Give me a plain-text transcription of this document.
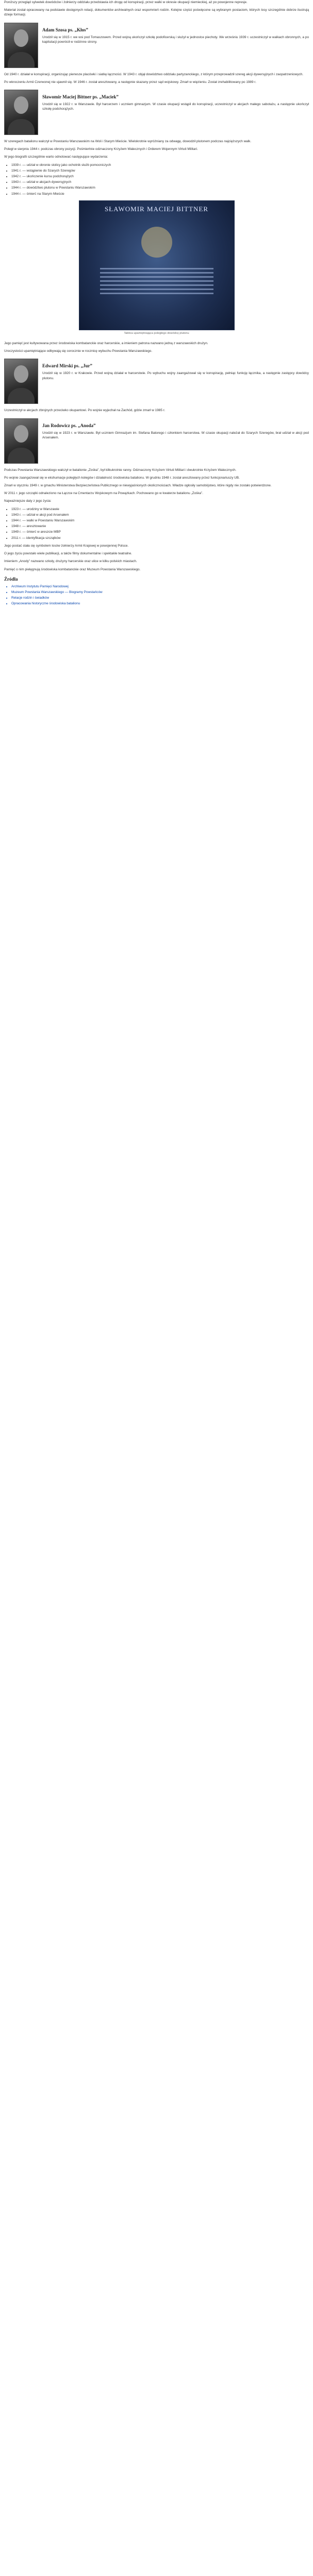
Poniższy przegląd sylwetek dowódców i żołnierzy oddziału przedstawia ich drogę od konspiracji, przez walki w okresie okupacji niemieckiej, aż po powojenne represje.

Materiał został opracowany na podstawie dostępnych relacji, dokumentów archiwalnych oraz wspomnień rodzin. Kolejne części poświęcone są wybranym postaciom, których losy szczególnie dobrze ilustrują dzieje formacji.

Adam Szosa ps. „Kłos”

Urodził się w 1915 r. we wsi pod Tomaszowem. Przed wojną ukończył szkołę podoficerską i służył w jednostce piechoty. We wrześniu 1939 r. uczestniczył w walkach obronnych, a po kapitulacji powrócił w rodzinne strony.

Od 1940 r. działał w konspiracji, organizując pierwsze placówki i siatkę łączności. W 1943 r. objął dowództwo oddziału partyzanckiego, z którym przeprowadził szereg akcji dywersyjnych i zaopatrzeniowych.

Po wkroczeniu Armii Czerwonej nie ujawnił się. W 1946 r. został aresztowany, a następnie skazany przez sąd wojskowy. Zmarł w więzieniu. Został zrehabilitowany po 1989 r.

Sławomir Maciej Bittner ps. „Maciek”

Urodził się w 1922 r. w Warszawie. Był harcerzem i uczniem gimnazjum. W czasie okupacji wstąpił do konspiracji, uczestniczył w akcjach małego sabotażu, a następnie ukończył szkołę podchorążych.

W szeregach batalionu walczył w Powstaniu Warszawskim na Woli i Starym Mieście. Wielokrotnie wyróżniany za odwagę, dowodził plutonem podczas najcięższych walk.

Poległ w sierpniu 1944 r. podczas obrony pozycji. Pośmiertnie odznaczony Krzyżem Walecznych i Orderem Wojennym Virtuti Militari.

W jego biografii szczególnie warto odnotować następujące wydarzenia:

• 1939 r. — udział w obronie stolicy jako ochotnik służb pomocniczych
• 1941 r. — wstąpienie do Szarych Szeregów
• 1942 r. — ukończenie kursu podchorążych
• 1943 r. — udział w akcjach dywersyjnych
• 1944 r. — dowództwo plutonu w Powstaniu Warszawskim
• 1944 r. — śmierć na Starym Mieście
SŁAWOMIR MACIEJ BITTNER
Tablica upamiętniająca poległego dowódcę plutonu

Jego pamięć jest kultywowana przez środowiska kombatanckie oraz harcerskie, a imieniem patrona nazwano jedną z warszawskich drużyn.

Uroczystości upamiętniające odbywają się corocznie w rocznicę wybuchu Powstania Warszawskiego.

Edward Mirski ps. „Jur”

Urodził się w 1920 r. w Krakowie. Przed wojną działał w harcerstwie. Po wybuchu wojny zaangażował się w konspirację, pełniąc funkcję łącznika, a następnie zastępcy dowódcy plutonu.

Uczestniczył w akcjach zbrojnych przeciwko okupantowi. Po wojnie wyjechał na Zachód, gdzie zmarł w 1985 r.

Jan Rodowicz ps. „Anoda”

Urodził się w 1923 r. w Warszawie. Był uczniem Gimnazjum im. Stefana Batorego i członkiem harcerstwa. W czasie okupacji należał do Szarych Szeregów, brał udział w akcji pod Arsenałem.

Podczas Powstania Warszawskiego walczył w batalionie „Zośka”, był kilkukrotnie ranny. Odznaczony Krzyżem Virtuti Militari i dwukrotnie Krzyżem Walecznych.

Po wojnie zaangażował się w ekshumacje poległych kolegów i działalność środowiska batalionu. W grudniu 1948 r. został aresztowany przez funkcjonariuszy UB.

Zmarł w styczniu 1949 r. w gmachu Ministerstwa Bezpieczeństwa Publicznego w niewyjaśnionych okolicznościach. Władze ogłosiły samobójstwo, które nigdy nie zostało potwierdzone.

W 2011 r. jego szczątki odnaleziono na Łączce na Cmentarzu Wojskowym na Powązkach. Pochowano go w kwaterze batalionu „Zośka”.

Najważniejsze daty z jego życia:

• 1923 r. — urodziny w Warszawie
• 1943 r. — udział w akcji pod Arsenałem
• 1944 r. — walki w Powstaniu Warszawskim
• 1948 r. — aresztowanie
• 1949 r. — śmierć w areszcie MBP
• 2011 r. — identyfikacja szczątków

Jego postać stała się symbolem losów żołnierzy Armii Krajowej w powojennej Polsce.

O jego życiu powstało wiele publikacji, a także filmy dokumentalne i spektakle teatralne.

Imieniem „Anody” nazwano szkoły, drużyny harcerskie oraz ulice w kilku polskich miastach.

Pamięć o nim pielęgnują środowiska kombatanckie oraz Muzeum Powstania Warszawskiego.

Źródła
• Archiwum Instytutu Pamięci Narodowej
• Muzeum Powstania Warszawskiego — Biogramy Powstańców
• Relacje rodzin i świadków
• Opracowania historyczne środowiska batalionu
